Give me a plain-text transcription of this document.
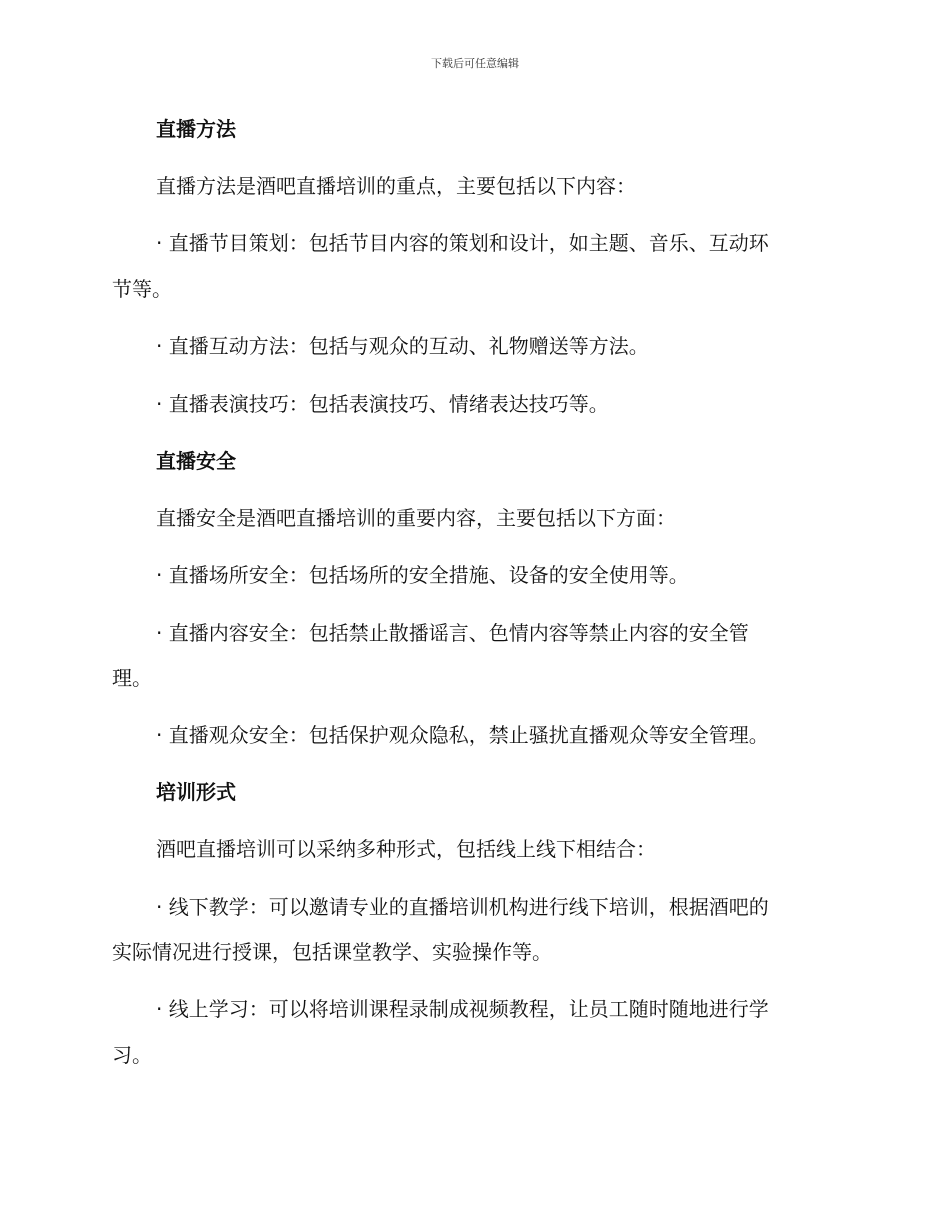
下载后可任意编辑
直播方法
直播方法是酒吧直播培训的重点，主要包括以下内容：
· 直播节目策划：包括节目内容的策划和设计，如主题、音乐、互动环
节等。
· 直播互动方法：包括与观众的互动、礼物赠送等方法。
· 直播表演技巧：包括表演技巧、情绪表达技巧等。
直播安全
直播安全是酒吧直播培训的重要内容，主要包括以下方面：
· 直播场所安全：包括场所的安全措施、设备的安全使用等。
· 直播内容安全：包括禁止散播谣言、色情内容等禁止内容的安全管
理。
· 直播观众安全：包括保护观众隐私，禁止骚扰直播观众等安全管理。
培训形式
酒吧直播培训可以采纳多种形式，包括线上线下相结合：
· 线下教学：可以邀请专业的直播培训机构进行线下培训，根据酒吧的
实际情况进行授课，包括课堂教学、实验操作等。
· 线上学习：可以将培训课程录制成视频教程，让员工随时随地进行学
习。
